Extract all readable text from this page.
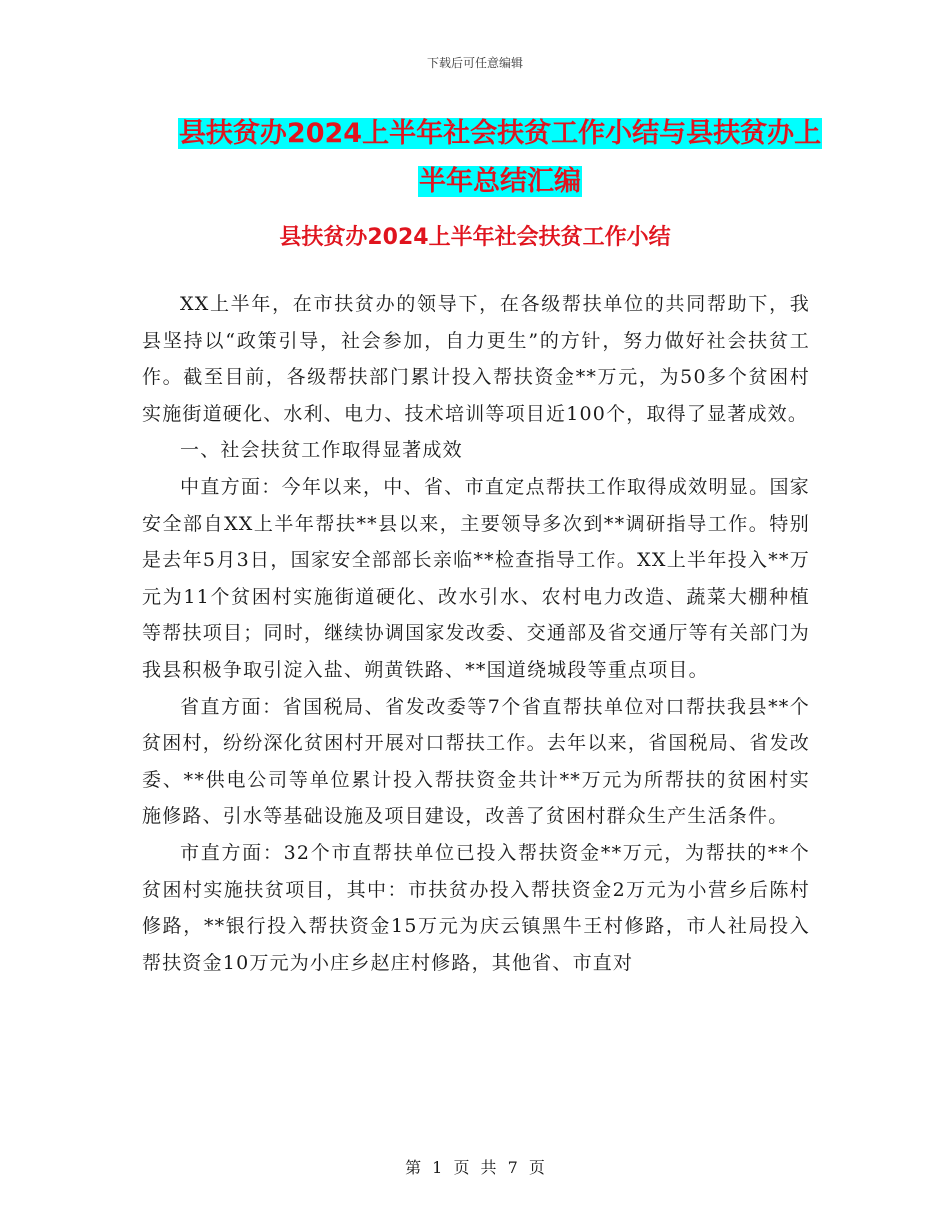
下载后可任意编辑
县扶贫办2024上半年社会扶贫工作小结与县扶贫办上
半年总结汇编
县扶贫办2024上半年社会扶贫工作小结

XX上半年，在市扶贫办的领导下，在各级帮扶单位的共同帮助下，我县坚持以“政策引导，社会参加，自力更生”的方针，努力做好社会扶贫工作。截至目前，各级帮扶部门累计投入帮扶资金**万元，为50多个贫困村实施街道硬化、水利、电力、技术培训等项目近100个，取得了显著成效。

一、社会扶贫工作取得显著成效

中直方面：今年以来，中、省、市直定点帮扶工作取得成效明显。国家安全部自XX上半年帮扶**县以来，主要领导多次到**调研指导工作。特别是去年5月3日，国家安全部部长亲临**检查指导工作。XX上半年投入**万元为11个贫困村实施街道硬化、改水引水、农村电力改造、蔬菜大棚种植等帮扶项目；同时，继续协调国家发改委、交通部及省交通厅等有关部门为我县积极争取引淀入盐、朔黄铁路、**国道绕城段等重点项目。

省直方面：省国税局、省发改委等7个省直帮扶单位对口帮扶我县**个贫困村，纷纷深化贫困村开展对口帮扶工作。去年以来，省国税局、省发改委、**供电公司等单位累计投入帮扶资金共计**万元为所帮扶的贫困村实施修路、引水等基础设施及项目建设，改善了贫困村群众生产生活条件。

市直方面：32个市直帮扶单位已投入帮扶资金**万元，为帮扶的**个贫困村实施扶贫项目，其中：市扶贫办投入帮扶资金2万元为小营乡后陈村修路，**银行投入帮扶资金15万元为庆云镇黑牛王村修路，市人社局投入帮扶资金10万元为小庄乡赵庄村修路，其他省、市直对

第 1 页 共 7 页
